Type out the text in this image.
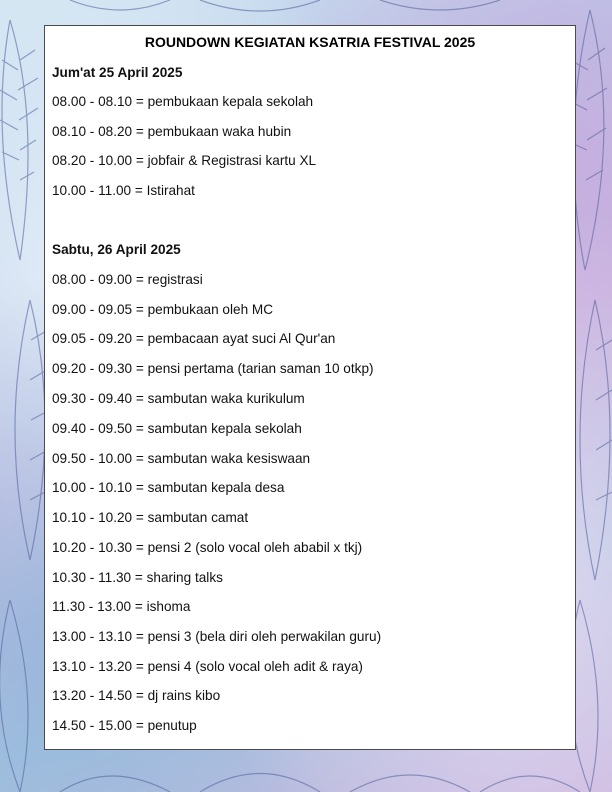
ROUNDOWN KEGIATAN KSATRIA FESTIVAL 2025
Jum'at 25 April 2025
08.00 - 08.10 = pembukaan kepala sekolah
08.10 - 08.20 = pembukaan waka hubin
08.20 - 10.00 = jobfair & Registrasi kartu XL
10.00 - 11.00 = Istirahat
Sabtu, 26 April 2025
08.00 - 09.00 = registrasi
09.00 - 09.05 = pembukaan oleh MC
09.05 - 09.20 = pembacaan ayat suci Al Qur'an
09.20 - 09.30 = pensi pertama (tarian saman 10 otkp)
09.30 - 09.40 = sambutan waka kurikulum
09.40 - 09.50 = sambutan kepala sekolah
09.50 - 10.00 = sambutan waka kesiswaan
10.00 - 10.10 = sambutan kepala desa
10.10 - 10.20 = sambutan camat
10.20 - 10.30 = pensi 2 (solo vocal oleh ababil x tkj)
10.30 - 11.30 = sharing talks
11.30 - 13.00 = ishoma
13.00 - 13.10 = pensi 3 (bela diri oleh perwakilan guru)
13.10 - 13.20 = pensi 4 (solo vocal oleh adit & raya)
13.20 - 14.50 = dj rains kibo
14.50 - 15.00 = penutup
